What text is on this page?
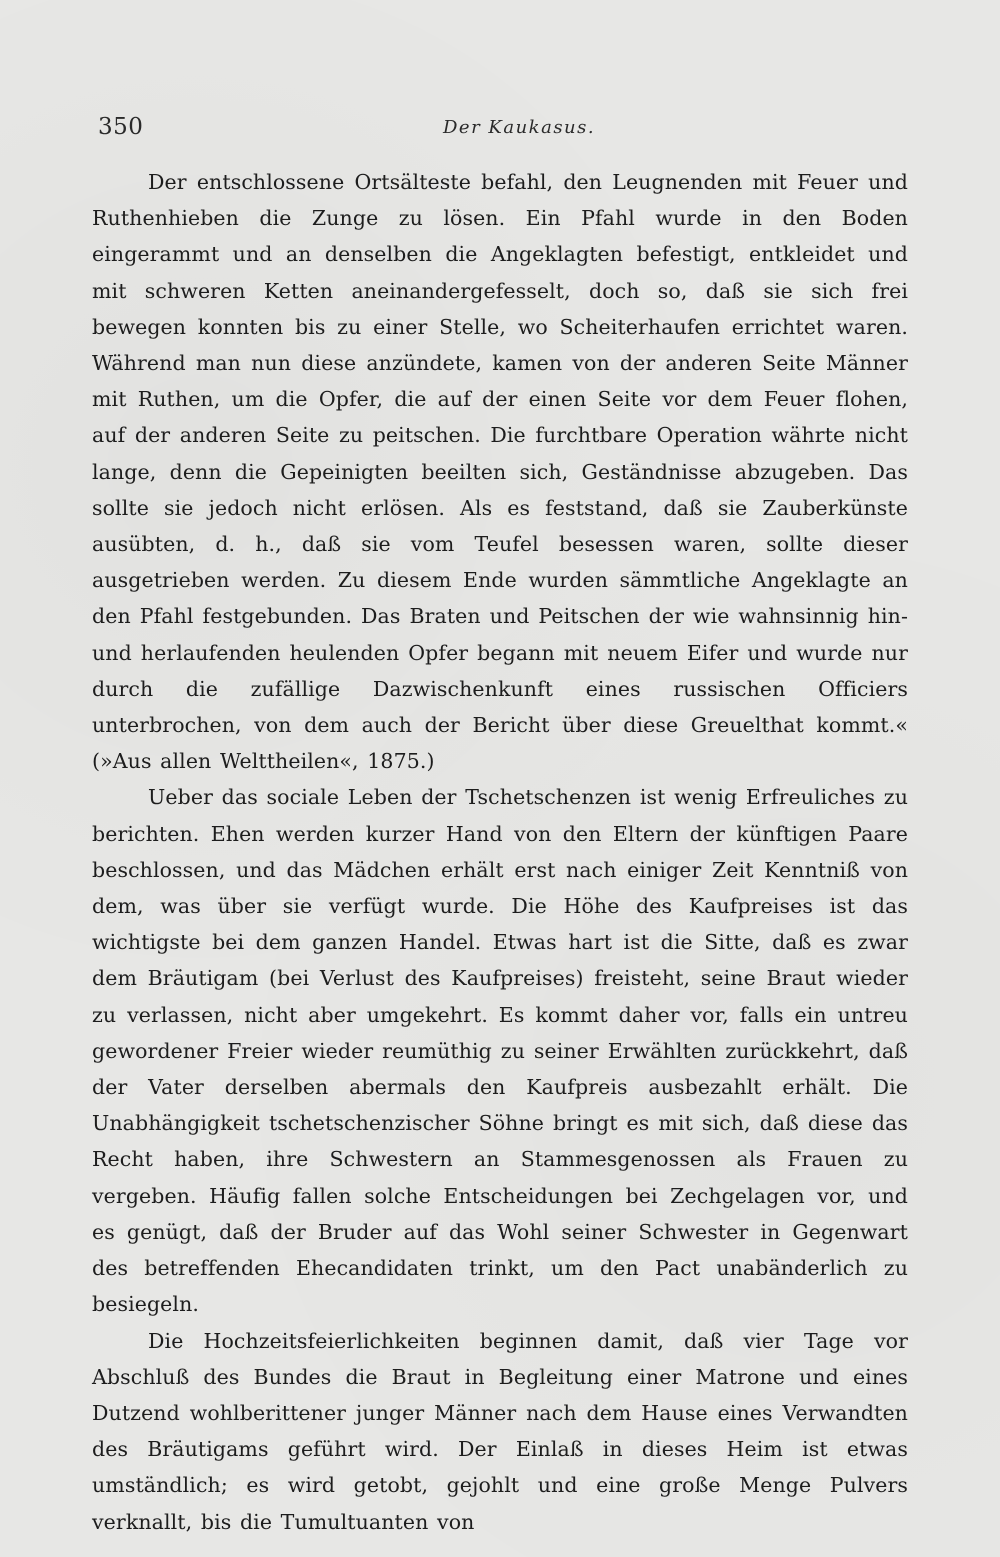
350	Der Kaukasus.

Der entschlossene Ortsälteste befahl, den Leugnenden mit Feuer und Ruthenhieben die Zunge zu lösen. Ein Pfahl wurde in den Boden eingerammt und an denselben die Angeklagten befestigt, entkleidet und mit schweren Ketten aneinandergefesselt, doch so, daß sie sich frei bewegen konnten bis zu einer Stelle, wo Scheiterhaufen errichtet waren. Während man nun diese anzündete, kamen von der anderen Seite Männer mit Ruthen, um die Opfer, die auf der einen Seite vor dem Feuer flohen, auf der anderen Seite zu peitschen. Die furchtbare Operation währte nicht lange, denn die Gepeinigten beeilten sich, Geständnisse abzugeben. Das sollte sie jedoch nicht erlösen. Als es feststand, daß sie Zauberkünste ausübten, d. h., daß sie vom Teufel besessen waren, sollte dieser ausgetrieben werden. Zu diesem Ende wurden sämmtliche Angeklagte an den Pfahl festgebunden. Das Braten und Peitschen der wie wahnsinnig hin- und herlaufenden heulenden Opfer begann mit neuem Eifer und wurde nur durch die zufällige Dazwischenkunft eines russischen Officiers unterbrochen, von dem auch der Bericht über diese Greuelthat kommt.« (»Aus allen Welttheilen«, 1875.)

Ueber das sociale Leben der Tschetschenzen ist wenig Erfreuliches zu berichten. Ehen werden kurzer Hand von den Eltern der künftigen Paare beschlossen, und das Mädchen erhält erst nach einiger Zeit Kenntniß von dem, was über sie verfügt wurde. Die Höhe des Kaufpreises ist das wichtigste bei dem ganzen Handel. Etwas hart ist die Sitte, daß es zwar dem Bräutigam (bei Verlust des Kaufpreises) freisteht, seine Braut wieder zu verlassen, nicht aber umgekehrt. Es kommt daher vor, falls ein untreu gewordener Freier wieder reumüthig zu seiner Erwählten zurückkehrt, daß der Vater derselben abermals den Kaufpreis ausbezahlt erhält. Die Unabhängigkeit tschetschenzischer Söhne bringt es mit sich, daß diese das Recht haben, ihre Schwestern an Stammesgenossen als Frauen zu vergeben. Häufig fallen solche Entscheidungen bei Zechgelagen vor, und es genügt, daß der Bruder auf das Wohl seiner Schwester in Gegenwart des betreffenden Ehecandidaten trinkt, um den Pact unabänderlich zu besiegeln.

Die Hochzeitsfeierlichkeiten beginnen damit, daß vier Tage vor Abschluß des Bundes die Braut in Begleitung einer Matrone und eines Dutzend wohlberittener junger Männer nach dem Hause eines Verwandten des Bräutigams geführt wird. Der Einlaß in dieses Heim ist etwas umständlich; es wird getobt, gejohlt und eine große Menge Pulvers verknallt, bis die Tumultuanten von
